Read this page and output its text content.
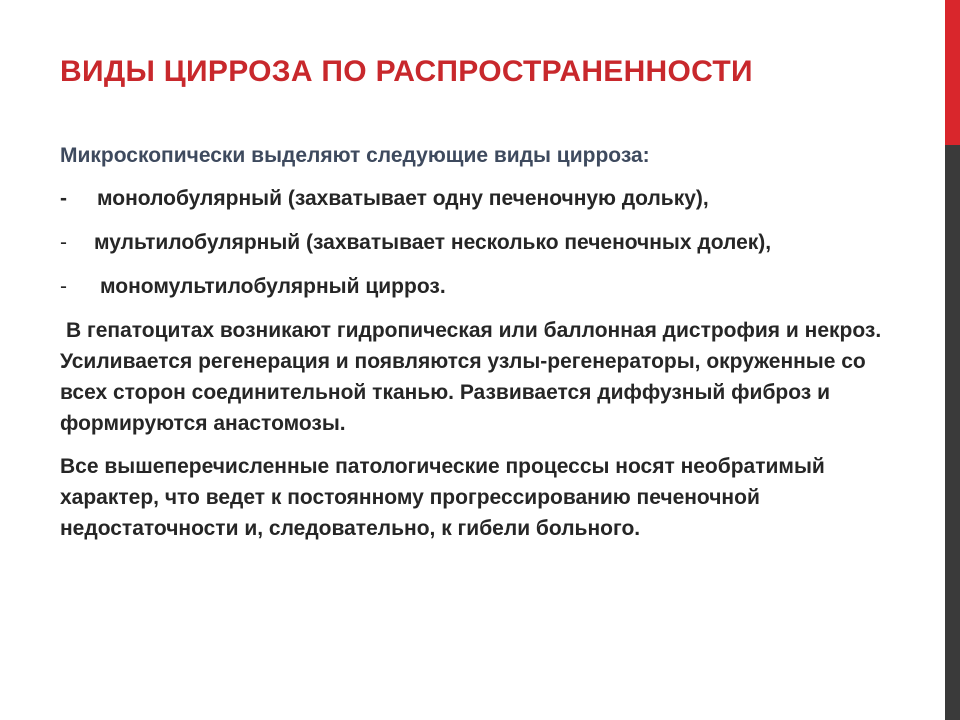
ВИДЫ ЦИРРОЗА ПО РАСПРОСТРАНЕННОСТИ

Микроскопически выделяют следующие виды цирроза:

-	монолобулярный (захватывает одну печеночную дольку),
-	мультилобулярный (захватывает несколько печеночных долек),
-	мономультилобулярный цирроз.

В гепатоцитах возникают гидропическая или баллонная дистрофия и некроз. Усиливается регенерация и появляются узлы-регенераторы, окруженные со всех сторон соединительной тканью. Развивается диффузный фиброз и формируются анастомозы.

Все вышеперечисленные патологические процессы носят необратимый характер, что ведет к постоянному прогрессированию печеночной недостаточности и, следовательно, к гибели больного.
